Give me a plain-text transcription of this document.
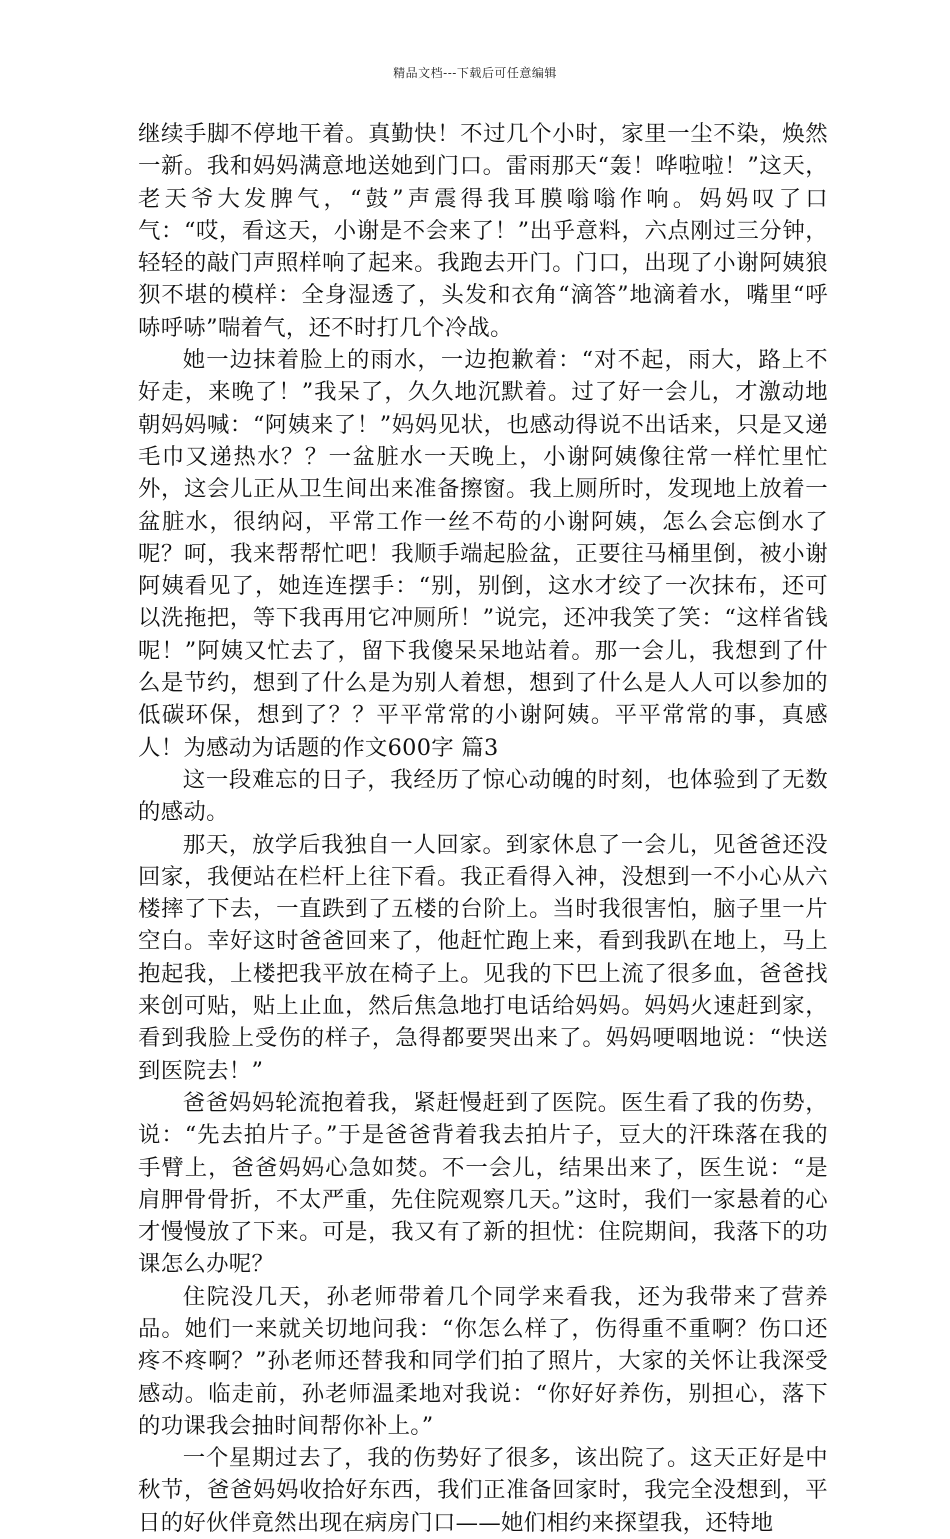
精品文档---下载后可任意编辑

继续手脚不停地干着。真勤快！不过几个小时，家里一尘不染，焕然一新。我和妈妈满意地送她到门口。雷雨那天“轰！哗啦啦！”这天，老天爷大发脾气，“鼓”声震得我耳膜嗡嗡作响。妈妈叹了口气：“哎，看这天，小谢是不会来了！”出乎意料，六点刚过三分钟，轻轻的敲门声照样响了起来。我跑去开门。门口，出现了小谢阿姨狼狈不堪的模样：全身湿透了，头发和衣角“滴答”地滴着水，嘴里“呼哧呼哧”喘着气，还不时打几个冷战。

她一边抹着脸上的雨水，一边抱歉着：“对不起，雨大，路上不好走，来晚了！”我呆了，久久地沉默着。过了好一会儿，才激动地朝妈妈喊：“阿姨来了！”妈妈见状，也感动得说不出话来，只是又递毛巾又递热水？？一盆脏水一天晚上，小谢阿姨像往常一样忙里忙外，这会儿正从卫生间出来准备擦窗。我上厕所时，发现地上放着一盆脏水，很纳闷，平常工作一丝不苟的小谢阿姨，怎么会忘倒水了呢？呵，我来帮帮忙吧！我顺手端起脸盆，正要往马桶里倒，被小谢阿姨看见了，她连连摆手：“别，别倒，这水才绞了一次抹布，还可以洗拖把，等下我再用它冲厕所！”说完，还冲我笑了笑：“这样省钱呢！”阿姨又忙去了，留下我傻呆呆地站着。那一会儿，我想到了什么是节约，想到了什么是为别人着想，想到了什么是人人可以参加的低碳环保，想到了？？平平常常的小谢阿姨。平平常常的事，真感人！为感动为话题的作文600字 篇3

这一段难忘的日子，我经历了惊心动魄的时刻，也体验到了无数的感动。

那天，放学后我独自一人回家。到家休息了一会儿，见爸爸还没回家，我便站在栏杆上往下看。我正看得入神，没想到一不小心从六楼摔了下去，一直跌到了五楼的台阶上。当时我很害怕，脑子里一片空白。幸好这时爸爸回来了，他赶忙跑上来，看到我趴在地上，马上抱起我，上楼把我平放在椅子上。见我的下巴上流了很多血，爸爸找来创可贴，贴上止血，然后焦急地打电话给妈妈。妈妈火速赶到家，看到我脸上受伤的样子，急得都要哭出来了。妈妈哽咽地说：“快送到医院去！”

爸爸妈妈轮流抱着我，紧赶慢赶到了医院。医生看了我的伤势，说：“先去拍片子。”于是爸爸背着我去拍片子，豆大的汗珠落在我的手臂上，爸爸妈妈心急如焚。不一会儿，结果出来了，医生说：“是肩胛骨骨折，不太严重，先住院观察几天。”这时，我们一家悬着的心才慢慢放了下来。可是，我又有了新的担忧：住院期间，我落下的功课怎么办呢？

住院没几天，孙老师带着几个同学来看我，还为我带来了营养品。她们一来就关切地问我：“你怎么样了，伤得重不重啊？伤口还疼不疼啊？”孙老师还替我和同学们拍了照片，大家的关怀让我深受感动。临走前，孙老师温柔地对我说：“你好好养伤，别担心，落下的功课我会抽时间帮你补上。”

一个星期过去了，我的伤势好了很多，该出院了。这天正好是中秋节，爸爸妈妈收拾好东西，我们正准备回家时，我完全没想到，平日的好伙伴竟然出现在病房门口——她们相约来探望我，还特地
